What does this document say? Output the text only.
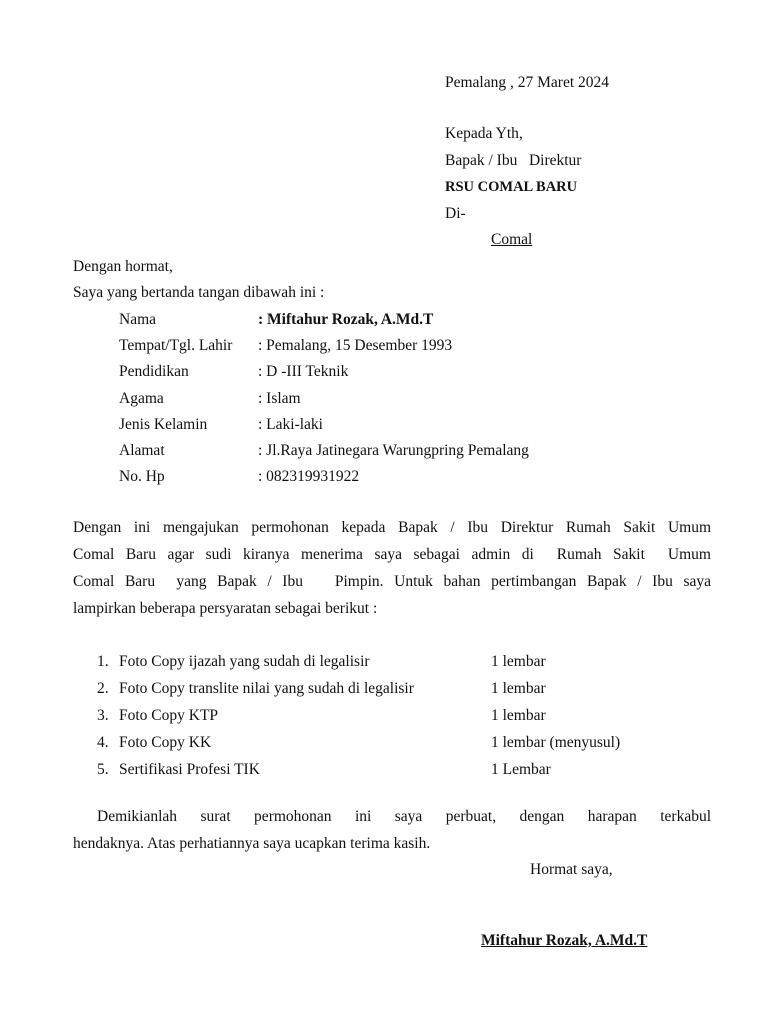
Pemalang , 27 Maret 2024
Kepada Yth,
Bapak / Ibu   Direktur
RSU COMAL BARU
Di-
Comal
Dengan hormat,
Saya yang bertanda tangan dibawah ini :
Nama	: Miftahur Rozak, A.Md.T
Tempat/Tgl. Lahir : Pemalang, 15 Desember 1993
Pendidikan	: D -III Teknik
Agama	: Islam
Jenis Kelamin	: Laki-laki
Alamat	: Jl.Raya Jatinegara Warungpring Pemalang
No. Hp	: 082319931922
Dengan ini mengajukan permohonan kepada Bapak / Ibu Direktur Rumah Sakit Umum
Comal Baru agar sudi kiranya menerima saya sebagai admin di  Rumah Sakit  Umum
Comal Baru  yang Bapak / Ibu   Pimpin. Untuk bahan pertimbangan Bapak / Ibu saya
lampirkan beberapa persyaratan sebagai berikut :
1. Foto Copy ijazah yang sudah di legalisir	1 lembar
2. Foto Copy translite nilai yang sudah di legalisir	1 lembar
3. Foto Copy KTP	1 lembar
4. Foto Copy KK	1 lembar (menyusul)
5. Sertifikasi Profesi TIK	1 Lembar
Demikianlah  surat  permohonan  ini  saya  perbuat,  dengan  harapan  terkabul
hendaknya. Atas perhatiannya saya ucapkan terima kasih.
Hormat saya,
Miftahur Rozak, A.Md.T
